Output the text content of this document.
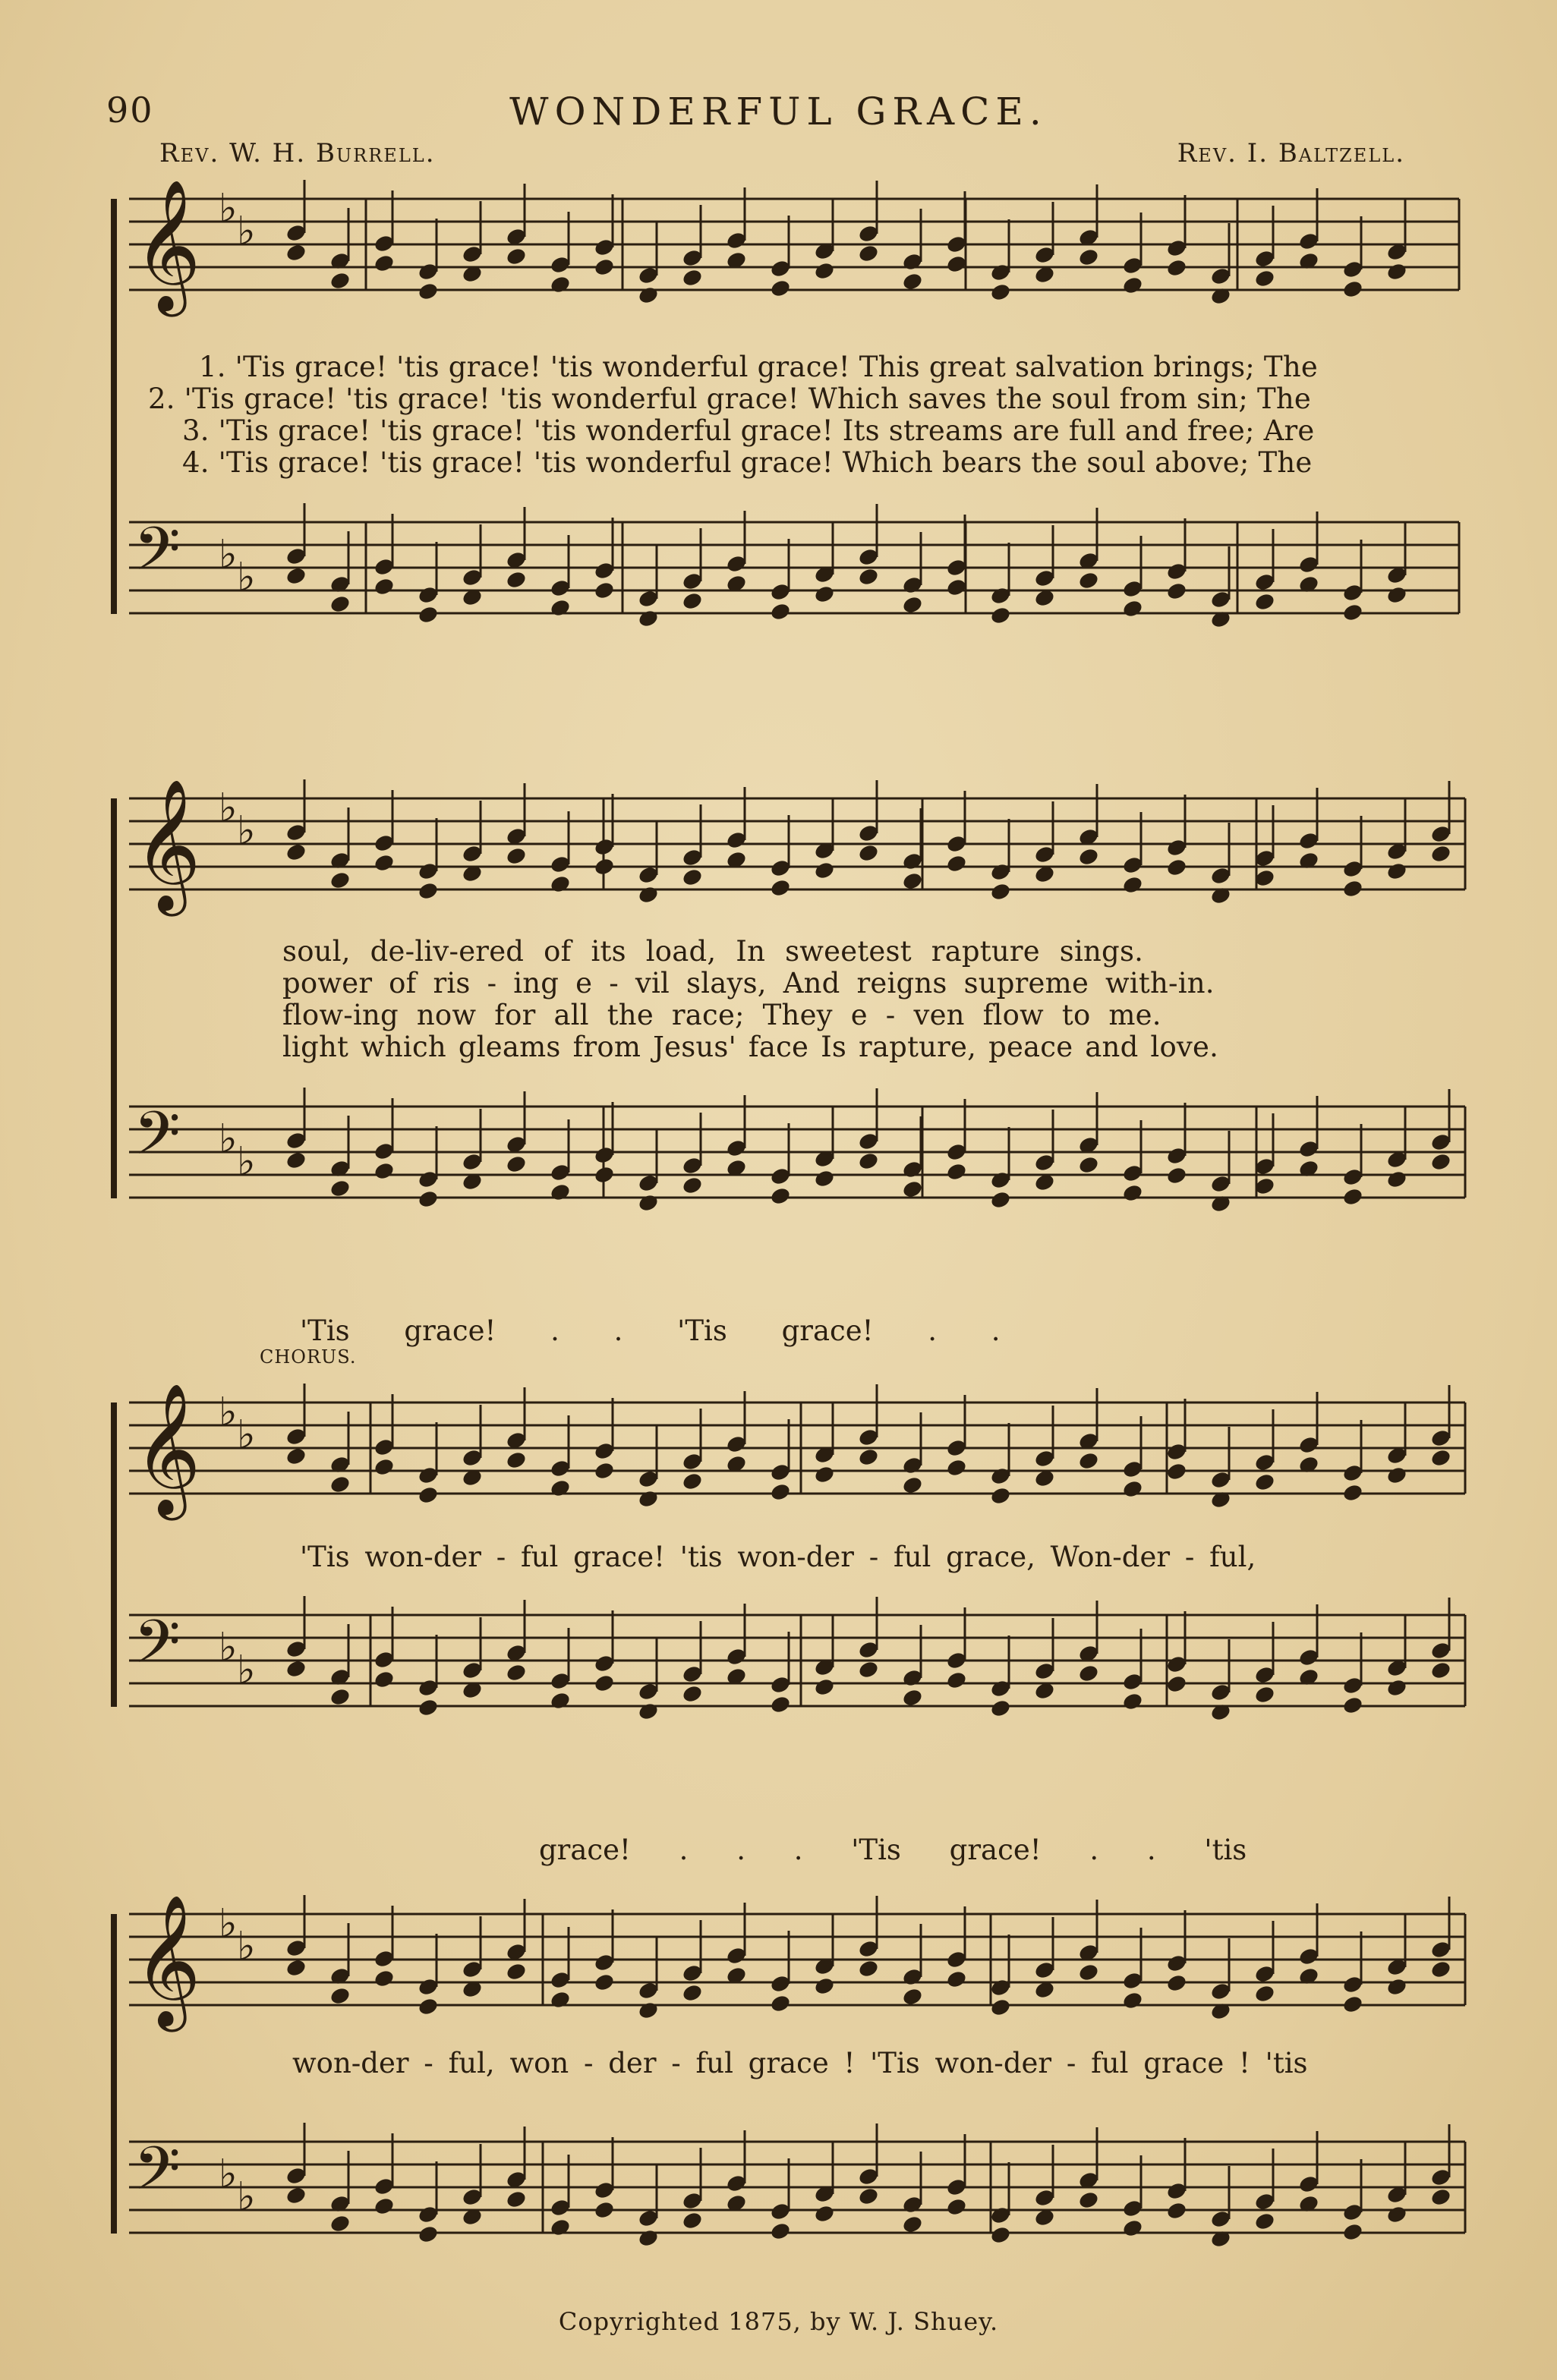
90	WONDERFUL GRACE.
Rev. W. H. Burrell.	Rev. I. Baltzell.
𝄞 ♭ ♭
𝄢 ♭ ♭
𝄞 ♭ ♭
𝄢 ♭ ♭
𝄞 ♭ ♭
𝄢 ♭ ♭
𝄞 ♭ ♭
𝄢 ♭ ♭
1. 'Tis grace! 'tis grace! 'tis wonderful grace! This great salvation brings; The
2. 'Tis grace! 'tis grace! 'tis wonderful grace! Which saves the soul from sin; The
3. 'Tis grace! 'tis grace! 'tis wonderful grace! Its streams are full and free; Are
4. 'Tis grace! 'tis grace! 'tis wonderful grace! Which bears the soul above; The
soul, de-liv-ered of its load, In sweetest rapture sings.
power of ris - ing e - vil slays, And reigns supreme with-in.
flow-ing now for all the race; They e - ven flow to me.
light which gleams from Jesus' face Is rapture, peace and love.
CHORUS.
'Tis grace! . . 'Tis grace! . .
'Tis won-der - ful grace! 'tis won-der - ful grace, Won-der - ful,
grace! . . . 'Tis grace! . . 'tis
won-der - ful, won - der - ful grace ! 'Tis won-der - ful grace ! 'tis
Copyrighted 1875, by W. J. Shuey.
